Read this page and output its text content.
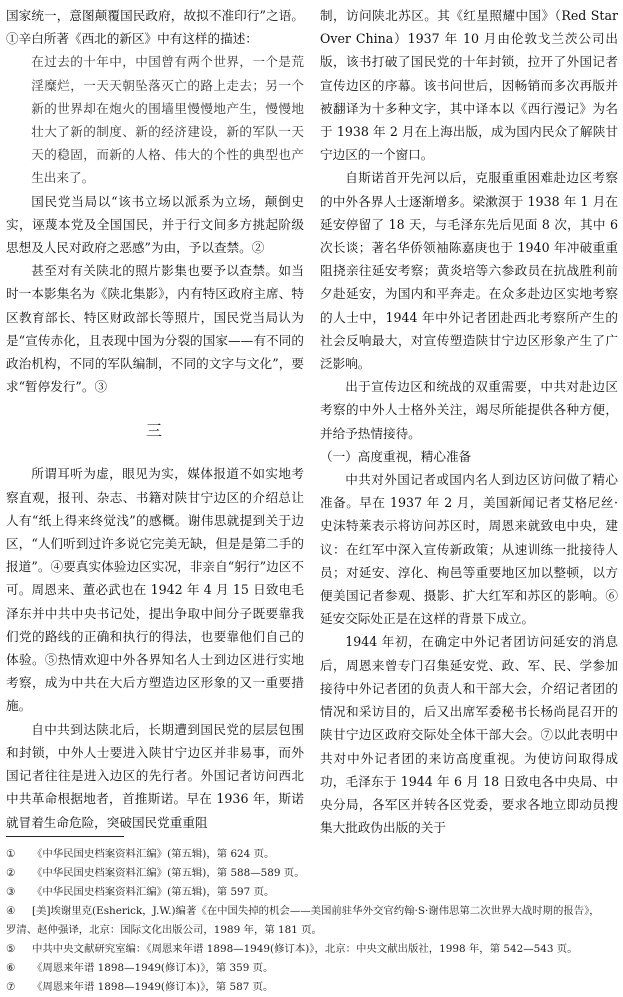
国家统一，意图颠覆国民政府，故拟不准印行”之语。①辛白所著《西北的新区》中有这样的描述：

在过去的十年中，中国曾有两个世界，一个是荒淫糜烂，一天天朝坠落灭亡的路上走去；另一个新的世界却在炮火的围墙里慢慢地产生，慢慢地壮大了新的制度、新的经济建设，新的军队一天天的稳固，而新的人格、伟大的个性的典型也产生出来了。

国民党当局以“该书立场以派系为立场，颠倒史实，诬蔑本党及全国国民，并于行文间多方挑起阶级思想及人民对政府之恶感”为由，予以查禁。②

甚至对有关陕北的照片影集也要予以查禁。如当时一本影集名为《陕北集影》，内有特区政府主席、特区教育部长、特区财政部长等照片，国民党当局认为是“宣传赤化，且表现中国为分裂的国家——有不同的政治机构，不同的军队编制，不同的文字与文化”，要求“暂停发行”。③

三

所谓耳听为虚，眼见为实，媒体报道不如实地考察直观，报刊、杂志、书籍对陕甘宁边区的介绍总让人有“纸上得来终觉浅”的感概。谢伟思就提到关于边区，“人们听到过许多说它完美无缺，但是是第二手的报道”。④要真实体验边区实况，非亲自“躬行”边区不可。周恩来、董必武也在 1942 年 4 月 15 日致电毛泽东并中共中央书记处，提出争取中间分子既要靠我们党的路线的正确和执行的得法，也要靠他们自己的体验。⑤热情欢迎中外各界知名人士到边区进行实地考察，成为中共在大后方塑造边区形象的又一重要措施。

自中共到达陕北后，长期遭到国民党的层层包围和封锁，中外人士要进入陕甘宁边区并非易事，而外国记者往往是进入边区的先行者。外国记者访问西北中共革命根据地者，首推斯诺。早在 1936 年，斯诺就冒着生命危险，突破国民党重重阻

制，访问陕北苏区。其《红星照耀中国》（Red Star Over China）1937 年 10 月由伦敦戈兰茨公司出版，该书打破了国民党的十年封锁，拉开了外国记者宣传边区的序幕。该书问世后，因畅销而多次再版并被翻译为十多种文字，其中译本以《西行漫记》为名于 1938 年 2 月在上海出版，成为国内民众了解陕甘宁边区的一个窗口。

自斯诺首开先河以后，克服重重困难赴边区考察的中外各界人士逐渐增多。梁漱溟于 1938 年 1 月在延安停留了 18 天，与毛泽东先后见面 8 次，其中 6 次长谈；著名华侨领袖陈嘉庚也于 1940 年冲破重重阻挠亲往延安考察；黄炎培等六参政员在抗战胜利前夕赴延安，为国内和平奔走。在众多赴边区实地考察的人士中，1944 年中外记者团赴西北考察所产生的社会反响最大，对宣传塑造陕甘宁边区形象产生了广泛影响。

出于宣传边区和统战的双重需要，中共对赴边区考察的中外人士格外关注，竭尽所能提供各种方便，并给予热情接待。

（一）高度重视，精心准备

中共对外国记者或国内名人到边区访问做了精心准备。早在 1937 年 2 月，美国新闻记者艾格尼丝·史沫特莱表示将访问苏区时，周恩来就致电中央，建议：在红军中深入宣传新政策；从速训练一批接待人员；对延安、淳化、栒邑等重要地区加以整顿，以方便美国记者参观、摄影、扩大红军和苏区的影响。⑥延安交际处正是在这样的背景下成立。

1944 年初，在确定中外记者团访问延安的消息后，周恩来曾专门召集延安党、政、军、民、学参加接待中外记者团的负责人和干部大会，介绍记者团的情况和采访目的，后又出席军委秘书长杨尚昆召开的陕甘宁边区政府交际处全体干部大会。⑦以此表明中共对中外记者团的来访高度重视。为使访问取得成功，毛泽东于 1944 年 6 月 18 日致电各中央局、中央分局，各军区并转各区党委，要求各地立即动员搜集大批政伪出版的关于

①	《中华民国史档案资料汇编》(第五辑)，第 624 页。
②	《中华民国史档案资料汇编》(第五辑)，第 588—589 页。
③	《中华民国史档案资料汇编》(第五辑)，第 597 页。
④	[美]埃谢里克(Esherick，J.W.)编著《在中国失掉的机会——美国前驻华外交官约翰·S·谢伟思第二次世界大战时期的报告》，
罗清、赵仲强译，北京：国际文化出版公司，1989 年，第 181 页。
⑤	中共中央文献研究室编：《周恩来年谱 1898—1949(修订本)》，北京：中央文献出版社，1998 年，第 542—543 页。
⑥	《周恩来年谱 1898—1949(修订本)》，第 359 页。
⑦	《周恩来年谱 1898—1949(修订本)》，第 587 页。
